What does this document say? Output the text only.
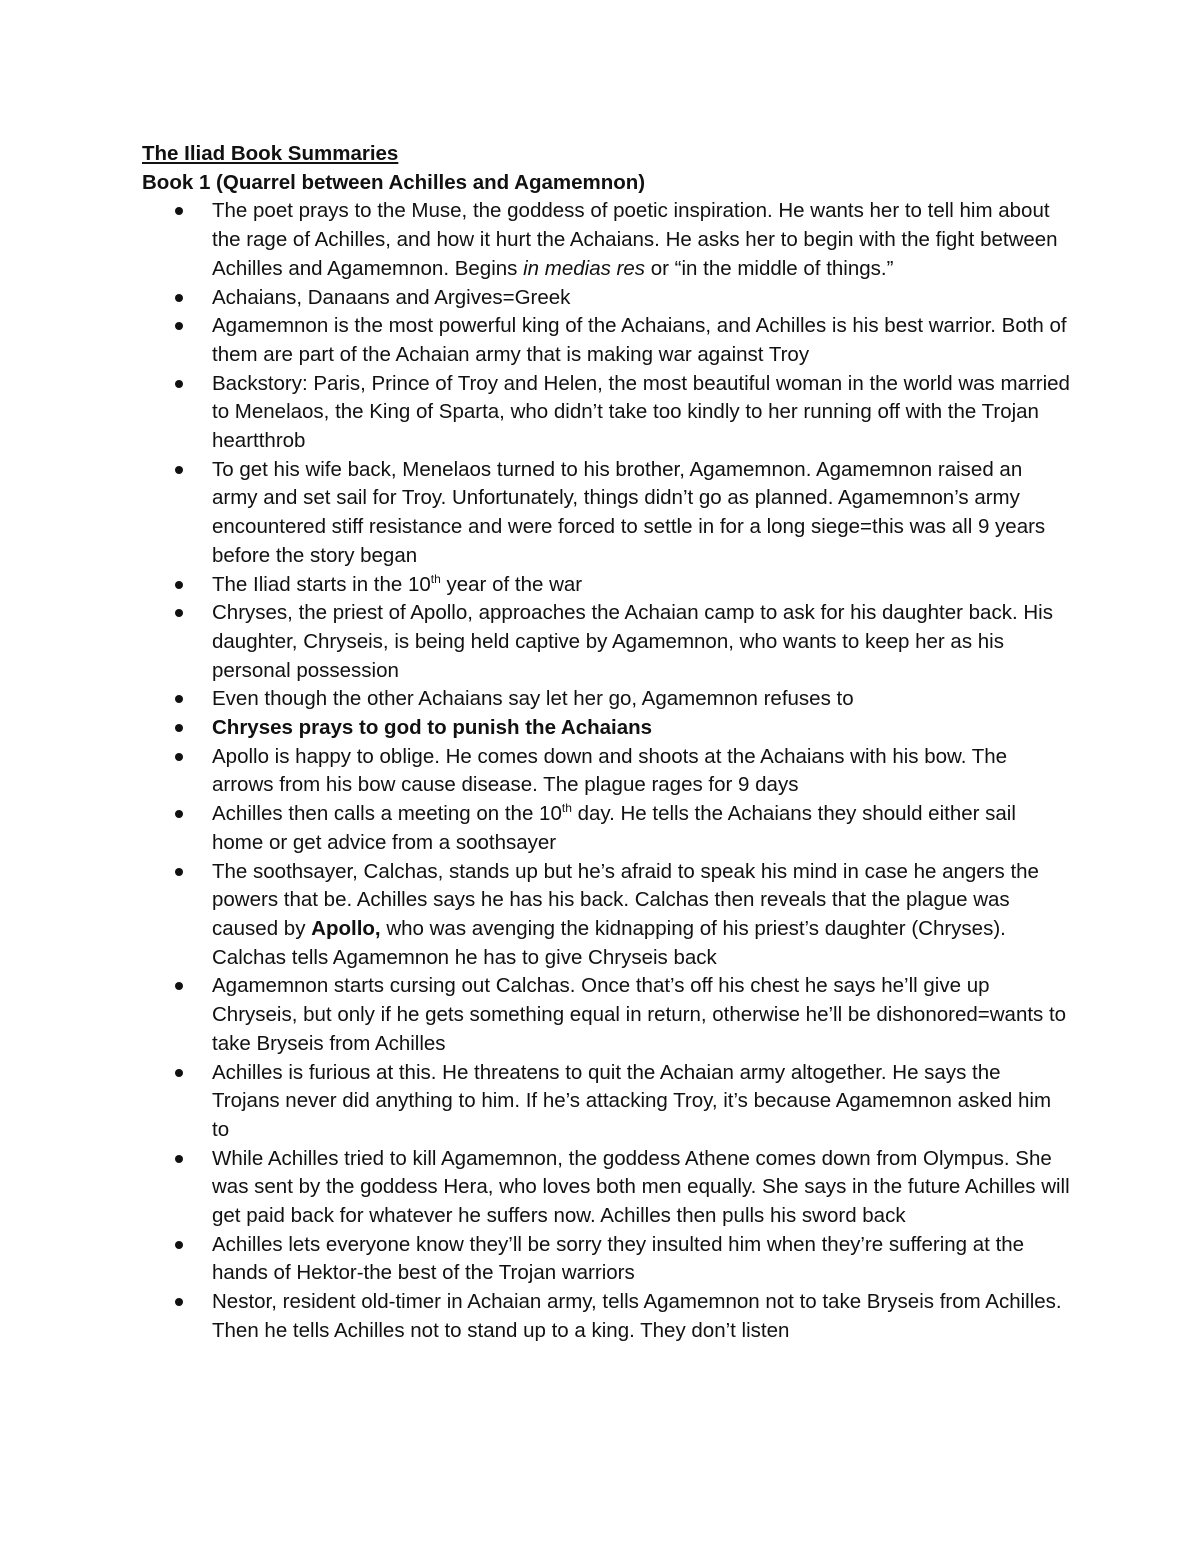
The Iliad Book Summaries

Book 1 (Quarrel between Achilles and Agamemnon)

The poet prays to the Muse, the goddess of poetic inspiration. He wants her to tell him about the rage of Achilles, and how it hurt the Achaians. He asks her to begin with the fight between Achilles and Agamemnon. Begins in medias res or “in the middle of things.”
Achaians, Danaans and Argives=Greek
Agamemnon is the most powerful king of the Achaians, and Achilles is his best warrior. Both of them are part of the Achaian army that is making war against Troy
Backstory: Paris, Prince of Troy and Helen, the most beautiful woman in the world was married to Menelaos, the King of Sparta, who didn’t take too kindly to her running off with the Trojan heartthrob
To get his wife back, Menelaos turned to his brother, Agamemnon. Agamemnon raised an army and set sail for Troy. Unfortunately, things didn’t go as planned. Agamemnon’s army encountered stiff resistance and were forced to settle in for a long siege=this was all 9 years before the story began
The Iliad starts in the 10th year of the war
Chryses, the priest of Apollo, approaches the Achaian camp to ask for his daughter back. His daughter, Chryseis, is being held captive by Agamemnon, who wants to keep her as his personal possession
Even though the other Achaians say let her go, Agamemnon refuses to
Chryses prays to god to punish the Achaians
Apollo is happy to oblige. He comes down and shoots at the Achaians with his bow. The arrows from his bow cause disease. The plague rages for 9 days
Achilles then calls a meeting on the 10th day. He tells the Achaians they should either sail home or get advice from a soothsayer
The soothsayer, Calchas, stands up but he’s afraid to speak his mind in case he angers the powers that be. Achilles says he has his back. Calchas then reveals that the plague was caused by Apollo, who was avenging the kidnapping of his priest’s daughter (Chryses). Calchas tells Agamemnon he has to give Chryseis back
Agamemnon starts cursing out Calchas. Once that’s off his chest he says he’ll give up Chryseis, but only if he gets something equal in return, otherwise he’ll be dishonored=wants to take Bryseis from Achilles
Achilles is furious at this. He threatens to quit the Achaian army altogether. He says the Trojans never did anything to him. If he’s attacking Troy, it’s because Agamemnon asked him to
While Achilles tried to kill Agamemnon, the goddess Athene comes down from Olympus. She was sent by the goddess Hera, who loves both men equally. She says in the future Achilles will get paid back for whatever he suffers now. Achilles then pulls his sword back
Achilles lets everyone know they’ll be sorry they insulted him when they’re suffering at the hands of Hektor-the best of the Trojan warriors
Nestor, resident old-timer in Achaian army, tells Agamemnon not to take Bryseis from Achilles. Then he tells Achilles not to stand up to a king. They don’t listen
